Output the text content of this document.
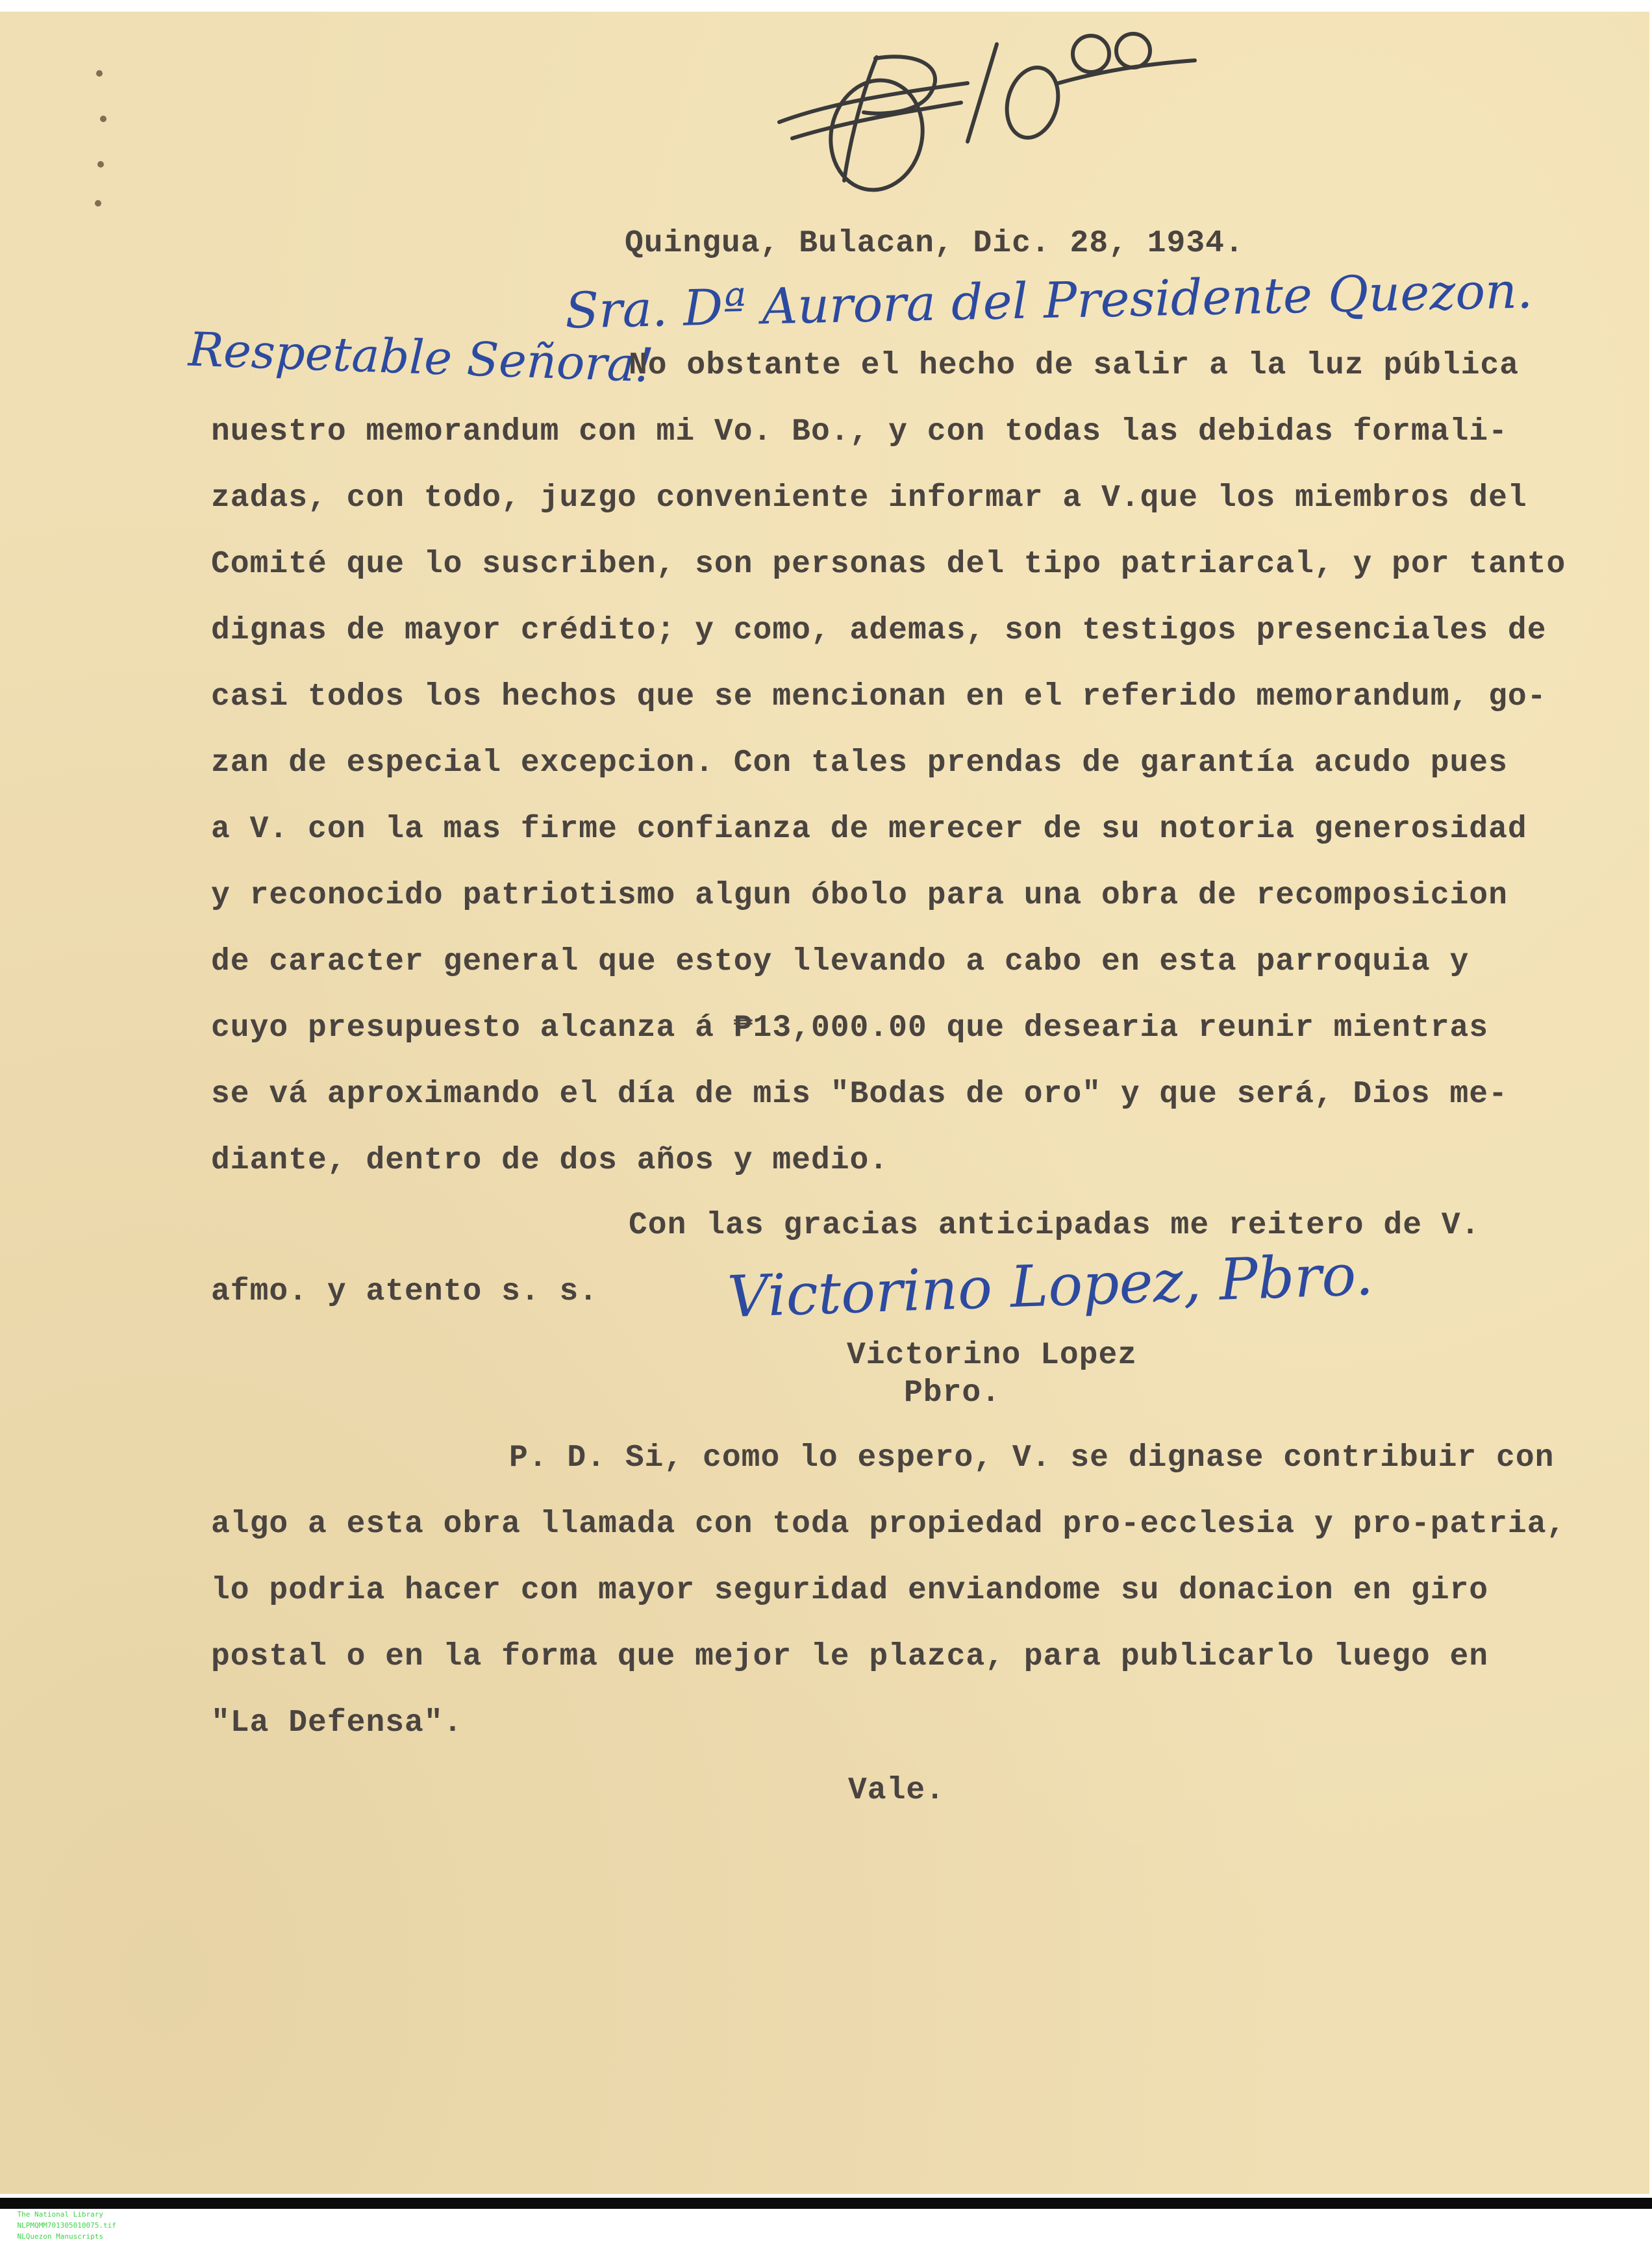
Quingua, Bulacan, Dic. 28, 1934.
Sra. Dª Aurora del Presidente Quezon.
Respetable Señora!
No obstante el hecho de salir a la luz pública
nuestro memorandum con mi Vo. Bo., y con todas las debidas formali-
zadas, con todo, juzgo conveniente informar a V.que los miembros del
Comité que lo suscriben, son personas del tipo patriarcal, y por tanto
dignas de mayor crédito; y como, ademas, son testigos presenciales de
casi todos los hechos que se mencionan en el referido memorandum, go-
zan de especial excepcion. Con tales prendas de garantía acudo pues
a V. con la mas firme confianza de merecer de su notoria generosidad
y reconocido patriotismo algun óbolo para una obra de recomposicion
de caracter general que estoy llevando a cabo en esta parroquia y
cuyo presupuesto alcanza á ₱13,000.00 que desearia reunir mientras
se vá aproximando el día de mis "Bodas de oro" y que será, Dios me-
diante, dentro de dos años y medio.
Con las gracias anticipadas me reitero de V.
afmo. y atento s. s. Victorino Lopez, Pbro.
Victorino Lopez
Pbro.
P. D. Si, como lo espero, V. se dignase contribuir con
algo a esta obra llamada con toda propiedad pro-ecclesia y pro-patria,
lo podria hacer con mayor seguridad enviandome su donacion en giro
postal o en la forma que mejor le plazca, para publicarlo luego en
"La Defensa".
Vale.

The National Library
NLPMQMM701305010075.tif
NLQuezon Manuscripts
